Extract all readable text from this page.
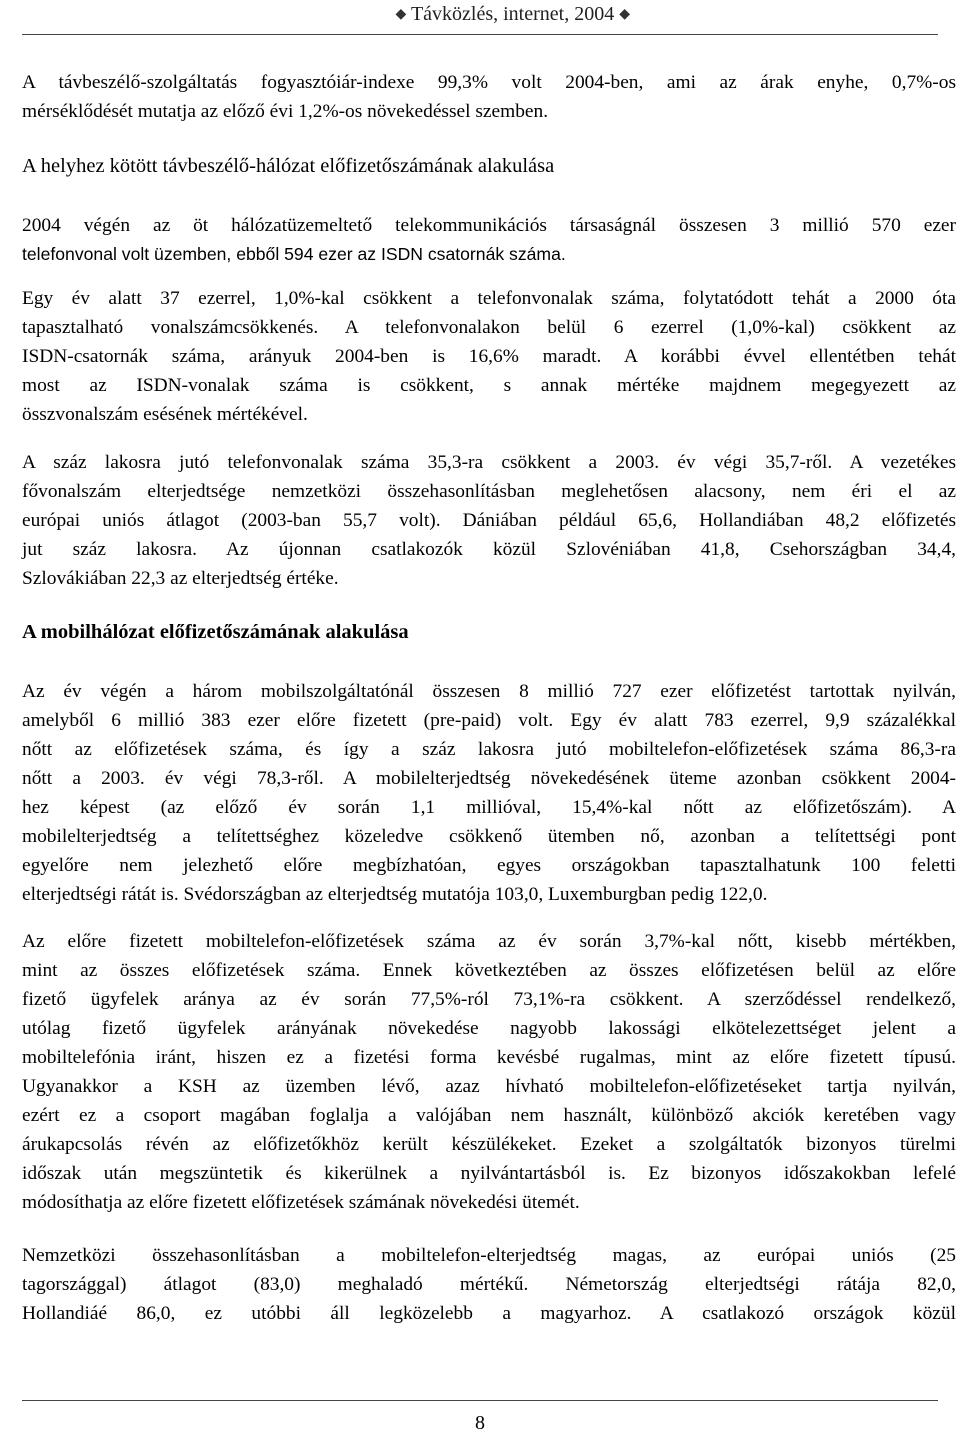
◆ Távközlés, internet, 2004 ◆

A távbeszélő-szolgáltatás fogyasztóiár-indexe 99,3% volt 2004-ben, ami az árak enyhe, 0,7%-os
mérséklődését mutatja az előző évi 1,2%-os növekedéssel szemben.

A helyhez kötött távbeszélő-hálózat előfizetőszámának alakulása

2004 végén az öt hálózatüzemeltető telekommunikációs társaságnál összesen 3 millió 570 ezer
telefonvonal volt üzemben, ebből 594 ezer az ISDN csatornák száma.

Egy év alatt 37 ezerrel, 1,0%-kal csökkent a telefonvonalak száma, folytatódott tehát a 2000 óta
tapasztalható vonalszámcsökkenés. A telefonvonalakon belül 6 ezerrel (1,0%-kal) csökkent az
ISDN-csatornák száma, arányuk 2004-ben is 16,6% maradt. A korábbi évvel ellentétben tehát
most az ISDN-vonalak száma is csökkent, s annak mértéke majdnem megegyezett az
összvonalszám esésének mértékével.

A száz lakosra jutó telefonvonalak száma 35,3-ra csökkent a 2003. év végi 35,7-ről. A vezetékes
fővonalszám elterjedtsége nemzetközi összehasonlításban meglehetősen alacsony, nem éri el az
európai uniós átlagot (2003-ban 55,7 volt). Dániában például 65,6, Hollandiában 48,2 előfizetés
jut száz lakosra. Az újonnan csatlakozók közül Szlovéniában 41,8, Csehországban 34,4,
Szlovákiában 22,3 az elterjedtség értéke.

A mobilhálózat előfizetőszámának alakulása

Az év végén a három mobilszolgáltatónál összesen 8 millió 727 ezer előfizetést tartottak nyilván,
amelyből 6 millió 383 ezer előre fizetett (pre-paid) volt. Egy év alatt 783 ezerrel, 9,9 százalékkal
nőtt az előfizetések száma, és így a száz lakosra jutó mobiltelefon-előfizetések száma 86,3-ra
nőtt a 2003. év végi 78,3-ről. A mobilelterjedtség növekedésének üteme azonban csökkent 2004-
hez képest (az előző év során 1,1 millióval, 15,4%-kal nőtt az előfizetőszám). A
mobilelterjedtség a telítettséghez közeledve csökkenő ütemben nő, azonban a telítettségi pont
egyelőre nem jelezhető előre megbízhatóan, egyes országokban tapasztalhatunk 100 feletti
elterjedtségi rátát is. Svédországban az elterjedtség mutatója 103,0, Luxemburgban pedig 122,0.

Az előre fizetett mobiltelefon-előfizetések száma az év során 3,7%-kal nőtt, kisebb mértékben,
mint az összes előfizetések száma. Ennek következtében az összes előfizetésen belül az előre
fizető ügyfelek aránya az év során 77,5%-ról 73,1%-ra csökkent. A szerződéssel rendelkező,
utólag fizető ügyfelek arányának növekedése nagyobb lakossági elkötelezettséget jelent a
mobiltelefónia iránt, hiszen ez a fizetési forma kevésbé rugalmas, mint az előre fizetett típusú.
Ugyanakkor a KSH az üzemben lévő, azaz hívható mobiltelefon-előfizetéseket tartja nyilván,
ezért ez a csoport magában foglalja a valójában nem használt, különböző akciók keretében vagy
árukapcsolás révén az előfizetőkhöz került készülékeket. Ezeket a szolgáltatók bizonyos türelmi
időszak után megszüntetik és kikerülnek a nyilvántartásból is. Ez bizonyos időszakokban lefelé
módosíthatja az előre fizetett előfizetések számának növekedési ütemét.

Nemzetközi összehasonlításban a mobiltelefon-elterjedtség magas, az európai uniós (25
tagországgal) átlagot (83,0) meghaladó mértékű. Németország elterjedtségi rátája 82,0,
Hollandiáé 86,0, ez utóbbi áll legközelebb a magyarhoz. A csatlakozó országok közül

8
